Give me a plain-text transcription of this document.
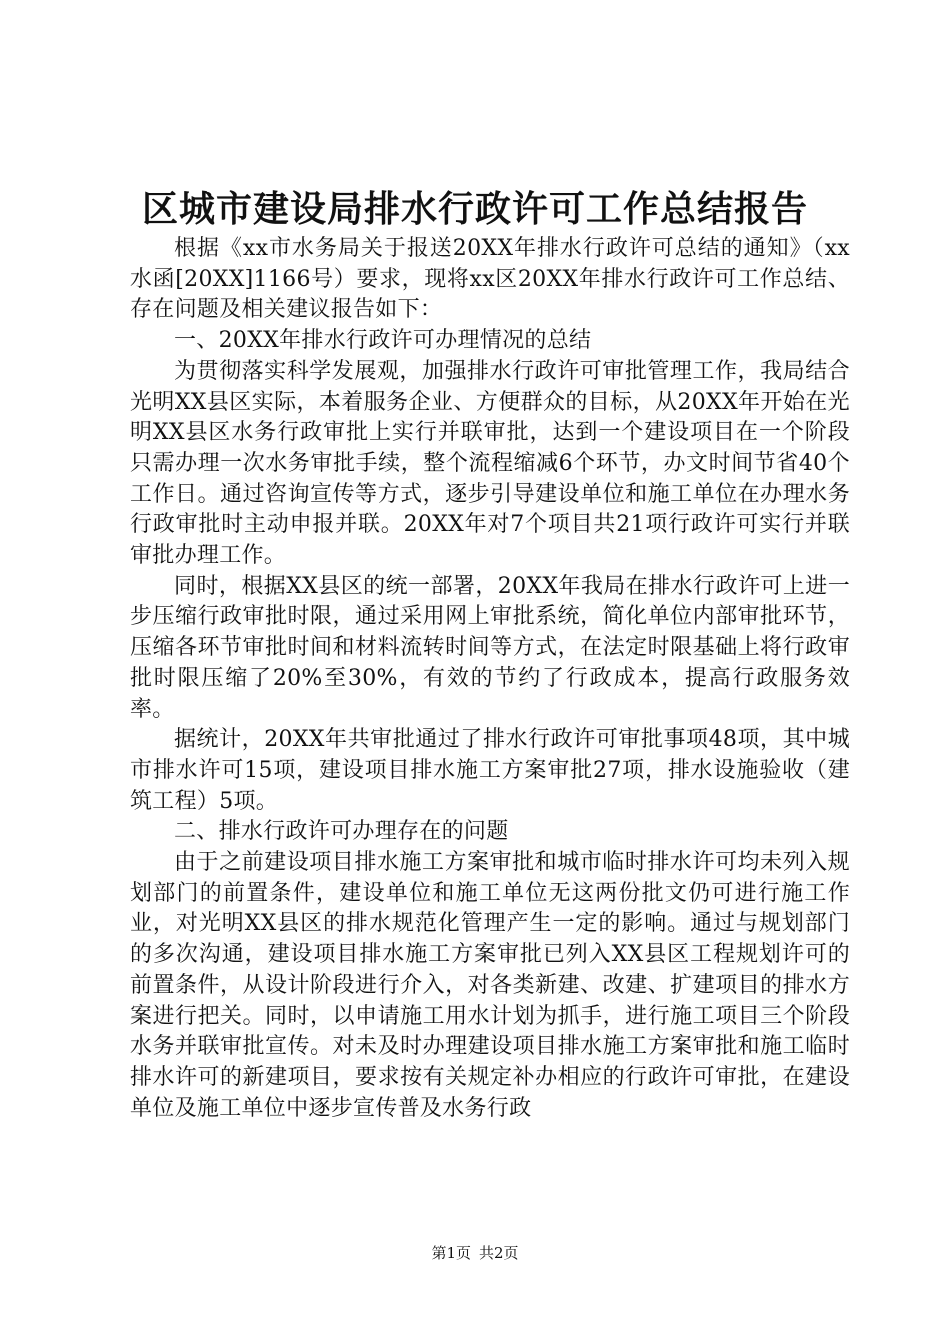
区城市建设局排水行政许可工作总结报告

根据《xx市水务局关于报送20XX年排水行政许可总结的通知》（xx水函[20XX]1166号）要求，现将xx区20XX年排水行政许可工作总结、存在问题及相关建议报告如下：

一、20XX年排水行政许可办理情况的总结

为贯彻落实科学发展观，加强排水行政许可审批管理工作，我局结合光明XX县区实际，本着服务企业、方便群众的目标，从20XX年开始在光明XX县区水务行政审批上实行并联审批，达到一个建设项目在一个阶段只需办理一次水务审批手续，整个流程缩减6个环节，办文时间节省40个工作日。通过咨询宣传等方式，逐步引导建设单位和施工单位在办理水务行政审批时主动申报并联。20XX年对7个项目共21项行政许可实行并联审批办理工作。

同时，根据XX县区的统一部署，20XX年我局在排水行政许可上进一步压缩行政审批时限，通过采用网上审批系统，简化单位内部审批环节，压缩各环节审批时间和材料流转时间等方式，在法定时限基础上将行政审批时限压缩了20%至30%，有效的节约了行政成本，提高行政服务效率。

据统计，20XX年共审批通过了排水行政许可审批事项48项，其中城市排水许可15项，建设项目排水施工方案审批27项，排水设施验收（建筑工程）5项。

二、排水行政许可办理存在的问题

由于之前建设项目排水施工方案审批和城市临时排水许可均未列入规划部门的前置条件，建设单位和施工单位无这两份批文仍可进行施工作业，对光明XX县区的排水规范化管理产生一定的影响。通过与规划部门的多次沟通，建设项目排水施工方案审批已列入XX县区工程规划许可的前置条件，从设计阶段进行介入，对各类新建、改建、扩建项目的排水方案进行把关。同时，以申请施工用水计划为抓手，进行施工项目三个阶段水务并联审批宣传。对未及时办理建设项目排水施工方案审批和施工临时排水许可的新建项目，要求按有关规定补办相应的行政许可审批，在建设单位及施工单位中逐步宣传普及水务行政

第1页 共2页
